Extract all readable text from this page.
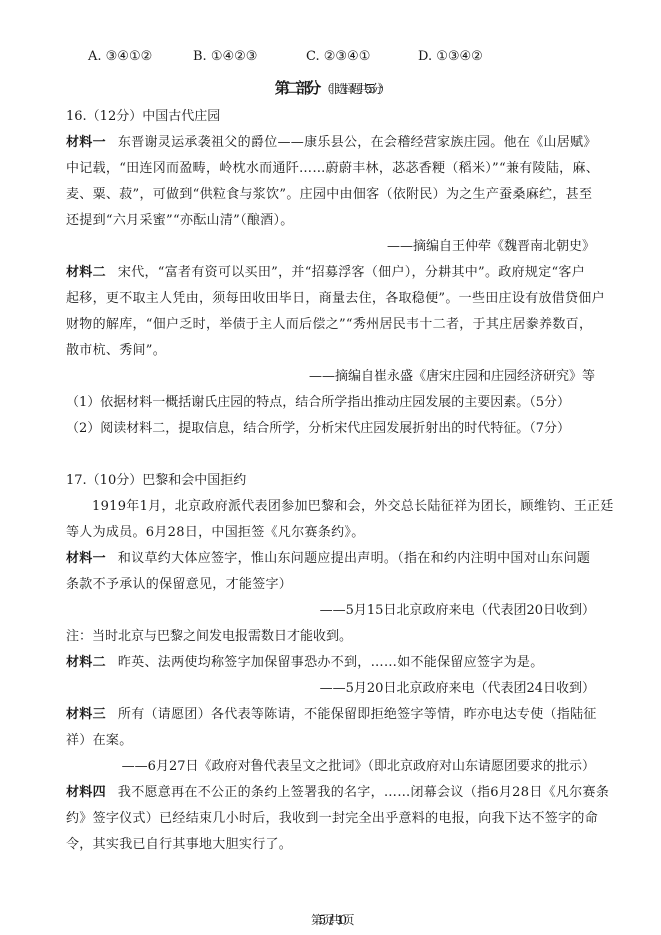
A. ③④①②	B. ①④②③	C. ②③④①	D. ①③④②
第二部分 （非选择题 共55分）
16.（12分）中国古代庄园
材料一 东晋谢灵运承袭祖父的爵位——康乐县公，在会稽经营家族庄园。他在《山居赋》
中记载，“田连冈而盈畴，岭枕水而通阡……蔚蔚丰林，苾苾香粳（稻米）”“兼有陵陆，麻、
麦、粟、菽”，可做到“供粒食与浆饮”。庄园中由佃客（依附民）为之生产蚕桑麻纻，甚至
还提到“六月采蜜”“亦酝山清”（酿酒）。
——摘编自王仲荦《魏晋南北朝史》
材料二 宋代，“富者有资可以买田”，并“招募浮客（佃户），分耕其中”。政府规定“客户
起移，更不取主人凭由，须每田收田毕日，商量去住，各取稳便”。一些田庄设有放借贷佃户
财物的解库，“佃户乏时，举债于主人而后偿之”“秀州居民韦十二者，于其庄居豢养数百，
散市杭、秀间”。
——摘编自崔永盛《唐宋庄园和庄园经济研究》等
（1）依据材料一概括谢氏庄园的特点，结合所学指出推动庄园发展的主要因素。（5分）
（2）阅读材料二，提取信息，结合所学，分析宋代庄园发展折射出的时代特征。（7分）
17.（10分）巴黎和会中国拒约
1919年1月，北京政府派代表团参加巴黎和会，外交总长陆征祥为团长，顾维钧、王正廷
等人为成员。6月28日，中国拒签《凡尔赛条约》。
材料一 和议草约大体应签字，惟山东问题应提出声明。（指在和约内注明中国对山东问题
条款不予承认的保留意见，才能签字）
——5月15日北京政府来电（代表团20日收到）
注：当时北京与巴黎之间发电报需数日才能收到。
材料二 昨英、法两使均称签字加保留事恐办不到，……如不能保留应签字为是。
——5月20日北京政府来电（代表团24日收到）
材料三 所有（请愿团）各代表等陈请，不能保留即拒绝签字等情，昨亦电达专使（指陆征
祥）在案。
——6月27日《政府对鲁代表呈文之批词》（即北京政府对山东请愿团要求的批示）
材料四 我不愿意再在不公正的条约上签署我的名字，……闭幕会议（指6月28日《凡尔赛条
约》签字仪式）已经结束几小时后，我收到一封完全出乎意料的电报，向我下达不签字的命
令，其实我已自行其事地大胆实行了。
第5页/共10页
